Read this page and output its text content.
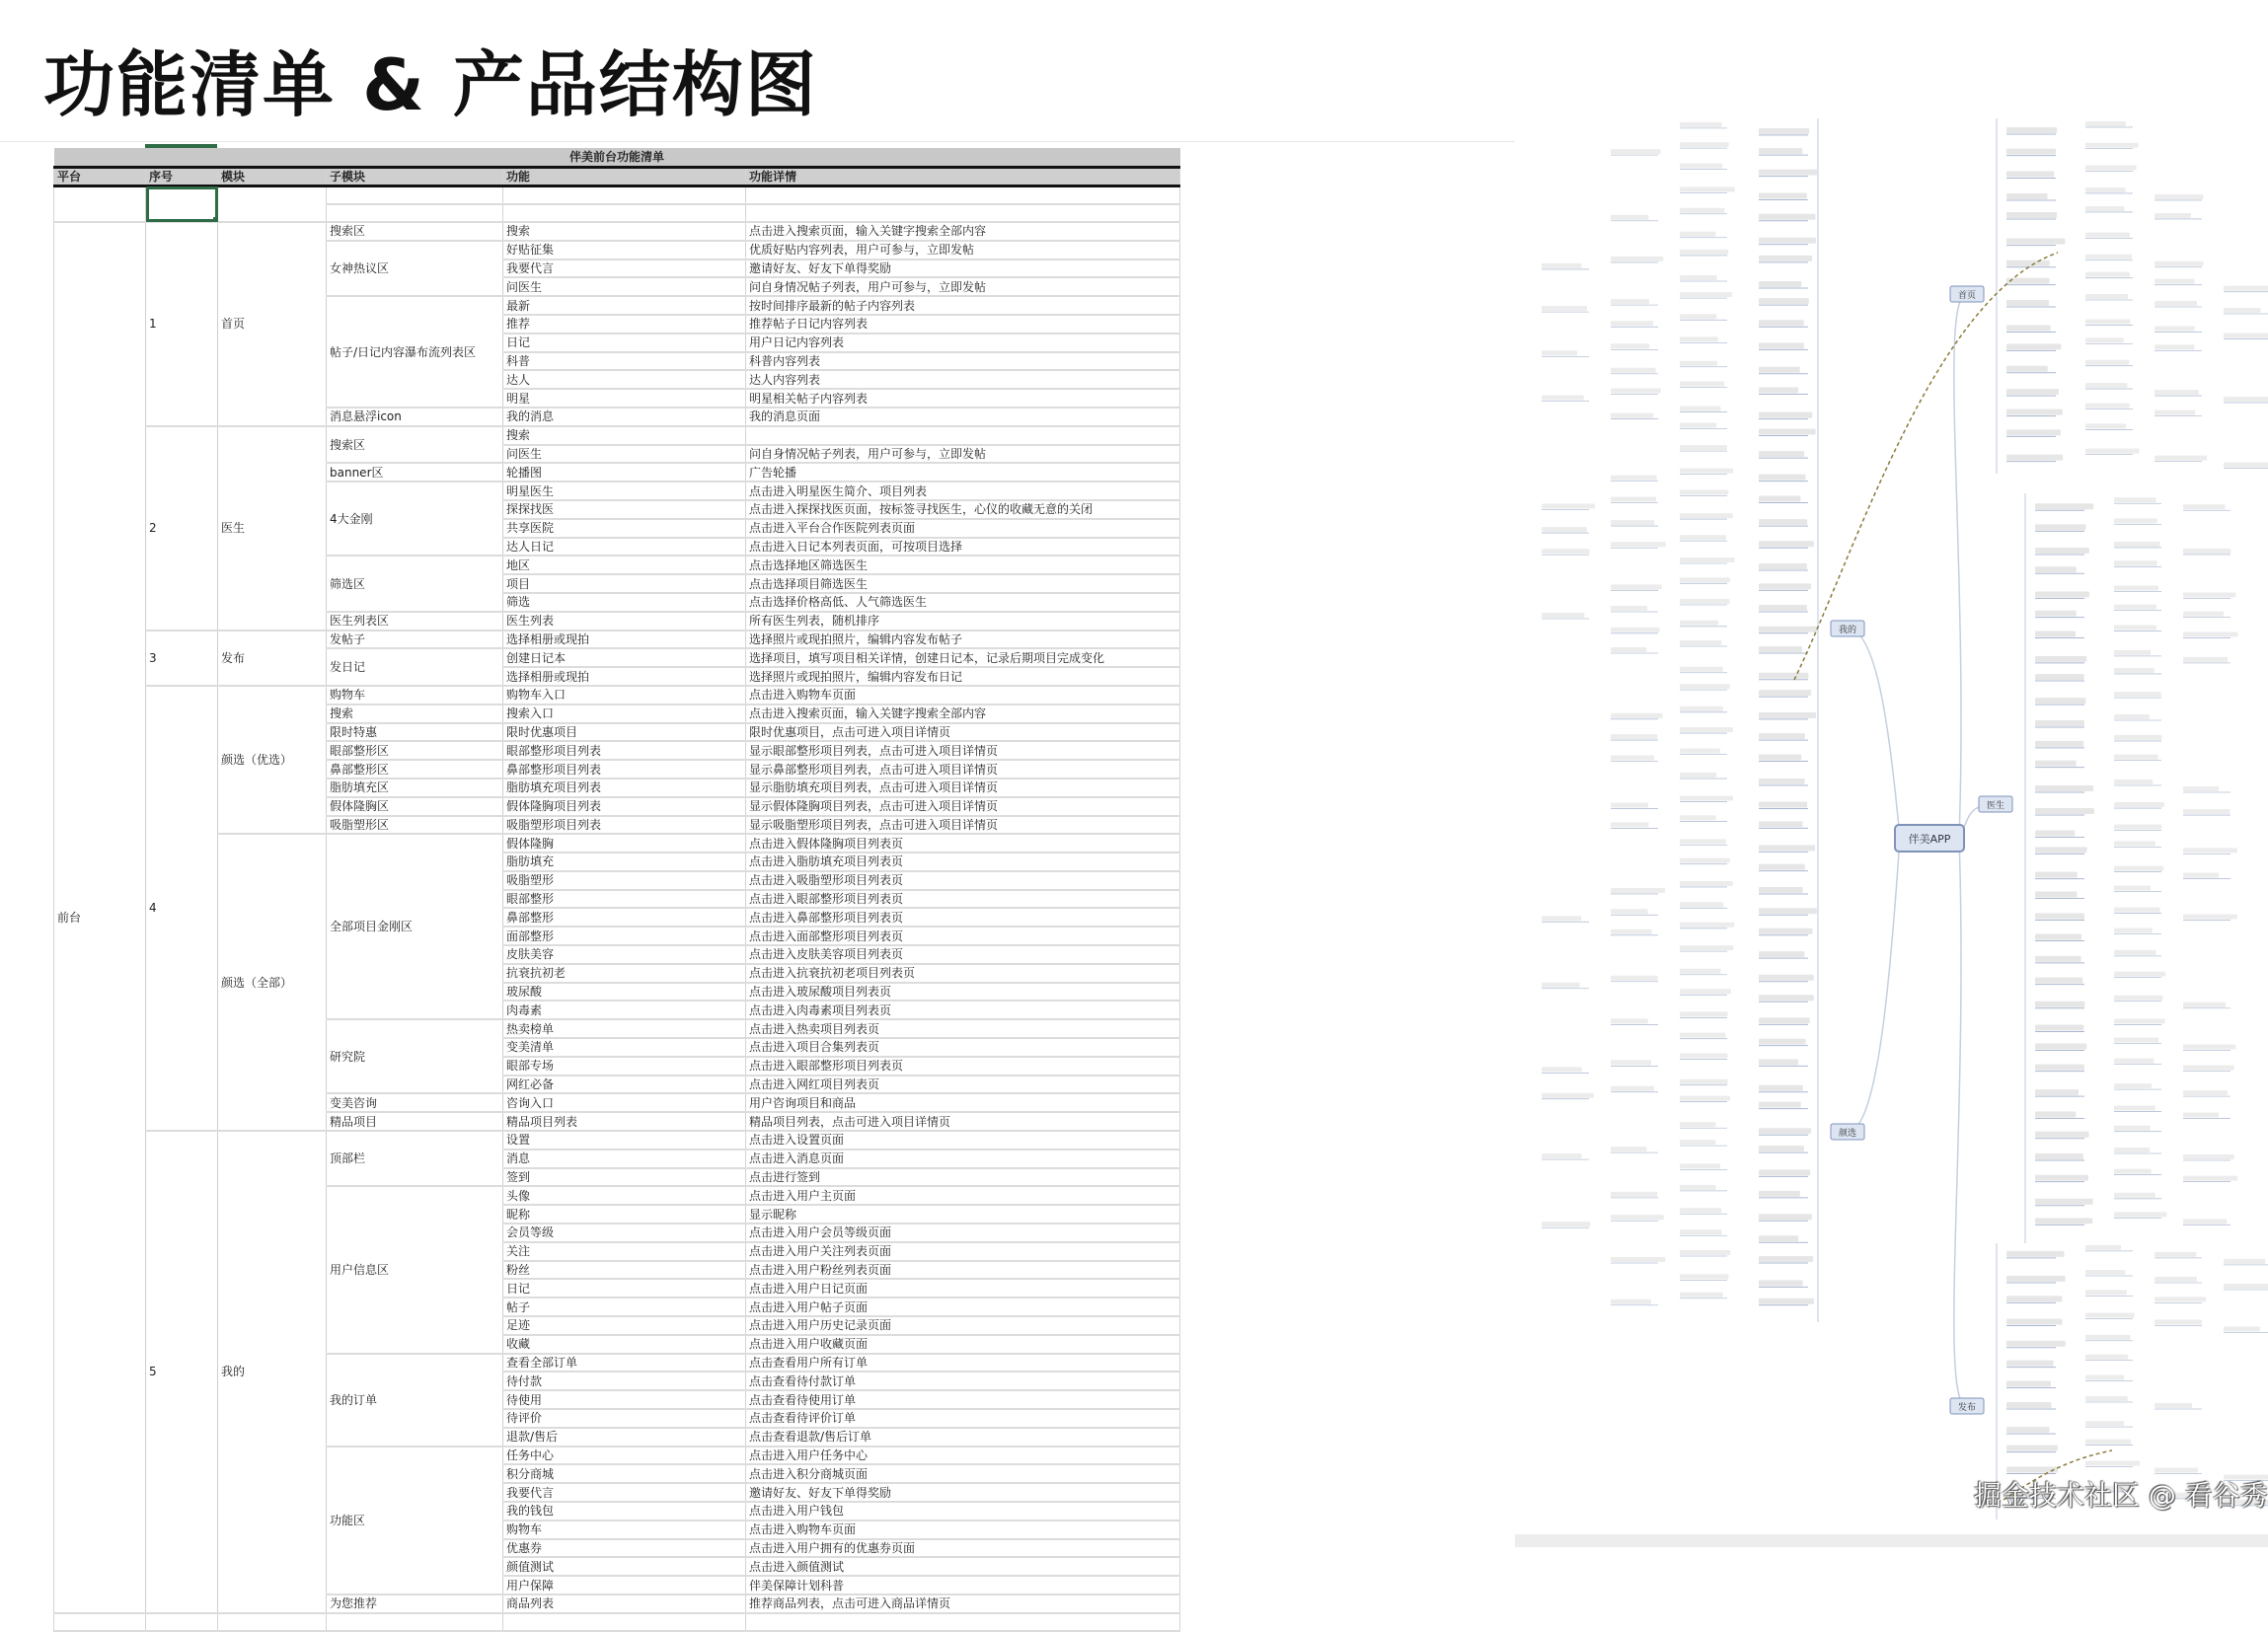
功能清单 & 产品结构图
伴美前台功能清单					
平台	序号	模块	子模块	功能	功能详情

前台	1	首页	搜索区	搜索	点击进入搜索页面，输入关键字搜索全部内容
			女神热议区	好贴征集	优质好贴内容列表，用户可参与，立即发帖
				我要代言	邀请好友、好友下单得奖励
				问医生	问自身情况帖子列表，用户可参与，立即发帖
			帖子/日记内容瀑布流列表区	最新	按时间排序最新的帖子内容列表
				推荐	推荐帖子日记内容列表
				日记	用户日记内容列表
				科普	科普内容列表
				达人	达人内容列表
				明星	明星相关帖子内容列表
			消息悬浮icon	我的消息	我的消息页面
	2	医生	搜索区	搜索	
				问医生	问自身情况帖子列表，用户可参与，立即发帖
			banner区	轮播图	广告轮播
			4大金刚	明星医生	点击进入明星医生简介、项目列表
				探探找医	点击进入探探找医页面，按标签寻找医生，心仪的收藏无意的关闭
				共享医院	点击进入平台合作医院列表页面
				达人日记	点击进入日记本列表页面，可按项目选择
			筛选区	地区	点击选择地区筛选医生
				项目	点击选择项目筛选医生
				筛选	点击选择价格高低、人气筛选医生
			医生列表区	医生列表	所有医生列表，随机排序
	3	发布	发帖子	选择相册或现拍	选择照片或现拍照片，编辑内容发布帖子
			发日记	创建日记本	选择项目，填写项目相关详情，创建日记本，记录后期项目完成变化
				选择相册或现拍	选择照片或现拍照片，编辑内容发布日记
	4	颜选（优选）	购物车	购物车入口	点击进入购物车页面
			搜索	搜索入口	点击进入搜索页面，输入关键字搜索全部内容
			限时特惠	限时优惠项目	限时优惠项目，点击可进入项目详情页
			眼部整形区	眼部整形项目列表	显示眼部整形项目列表，点击可进入项目详情页
			鼻部整形区	鼻部整形项目列表	显示鼻部整形项目列表，点击可进入项目详情页
			脂肪填充区	脂肪填充项目列表	显示脂肪填充项目列表，点击可进入项目详情页
			假体隆胸区	假体隆胸项目列表	显示假体隆胸项目列表，点击可进入项目详情页
			吸脂塑形区	吸脂塑形项目列表	显示吸脂塑形项目列表，点击可进入项目详情页
		颜选（全部）	全部项目金刚区	假体隆胸	点击进入假体隆胸项目列表页
				脂肪填充	点击进入脂肪填充项目列表页
				吸脂塑形	点击进入吸脂塑形项目列表页
				眼部整形	点击进入眼部整形项目列表页
				鼻部整形	点击进入鼻部整形项目列表页
				面部整形	点击进入面部整形项目列表页
				皮肤美容	点击进入皮肤美容项目列表页
				抗衰抗初老	点击进入抗衰抗初老项目列表页
				玻尿酸	点击进入玻尿酸项目列表页
				肉毒素	点击进入肉毒素项目列表页
			研究院	热卖榜单	点击进入热卖项目列表页
				变美清单	点击进入项目合集列表页
				眼部专场	点击进入眼部整形项目列表页
				网红必备	点击进入网红项目列表页
			变美咨询	咨询入口	用户咨询项目和商品
			精品项目	精品项目列表	精品项目列表，点击可进入项目详情页
	5	我的	顶部栏	设置	点击进入设置页面
				消息	点击进入消息页面
				签到	点击进行签到
			用户信息区	头像	点击进入用户主页面
				昵称	显示昵称
				会员等级	点击进入用户会员等级页面
				关注	点击进入用户关注列表页面
				粉丝	点击进入用户粉丝列表页面
				日记	点击进入用户日记页面
				帖子	点击进入用户帖子页面
				足迹	点击进入用户历史记录页面
				收藏	点击进入用户收藏页面
			我的订单	查看全部订单	点击查看用户所有订单
				待付款	点击查看待付款订单
				待使用	点击查看待使用订单
				待评价	点击查看待评价订单
				退款/售后	点击查看退款/售后订单
			功能区	任务中心	点击进入用户任务中心
				积分商城	点击进入积分商城页面
				我要代言	邀请好友、好友下单得奖励
				我的钱包	点击进入用户钱包
				购物车	点击进入购物车页面
				优惠券	点击进入用户拥有的优惠券页面
				颜值测试	点击进入颜值测试
				用户保障	伴美保障计划科普
			为您推荐	商品列表	推荐商品列表，点击可进入商品详情页

首页
我的
医生
颜选
发布
伴美APP
掘金技术社区 @ 看谷秀
